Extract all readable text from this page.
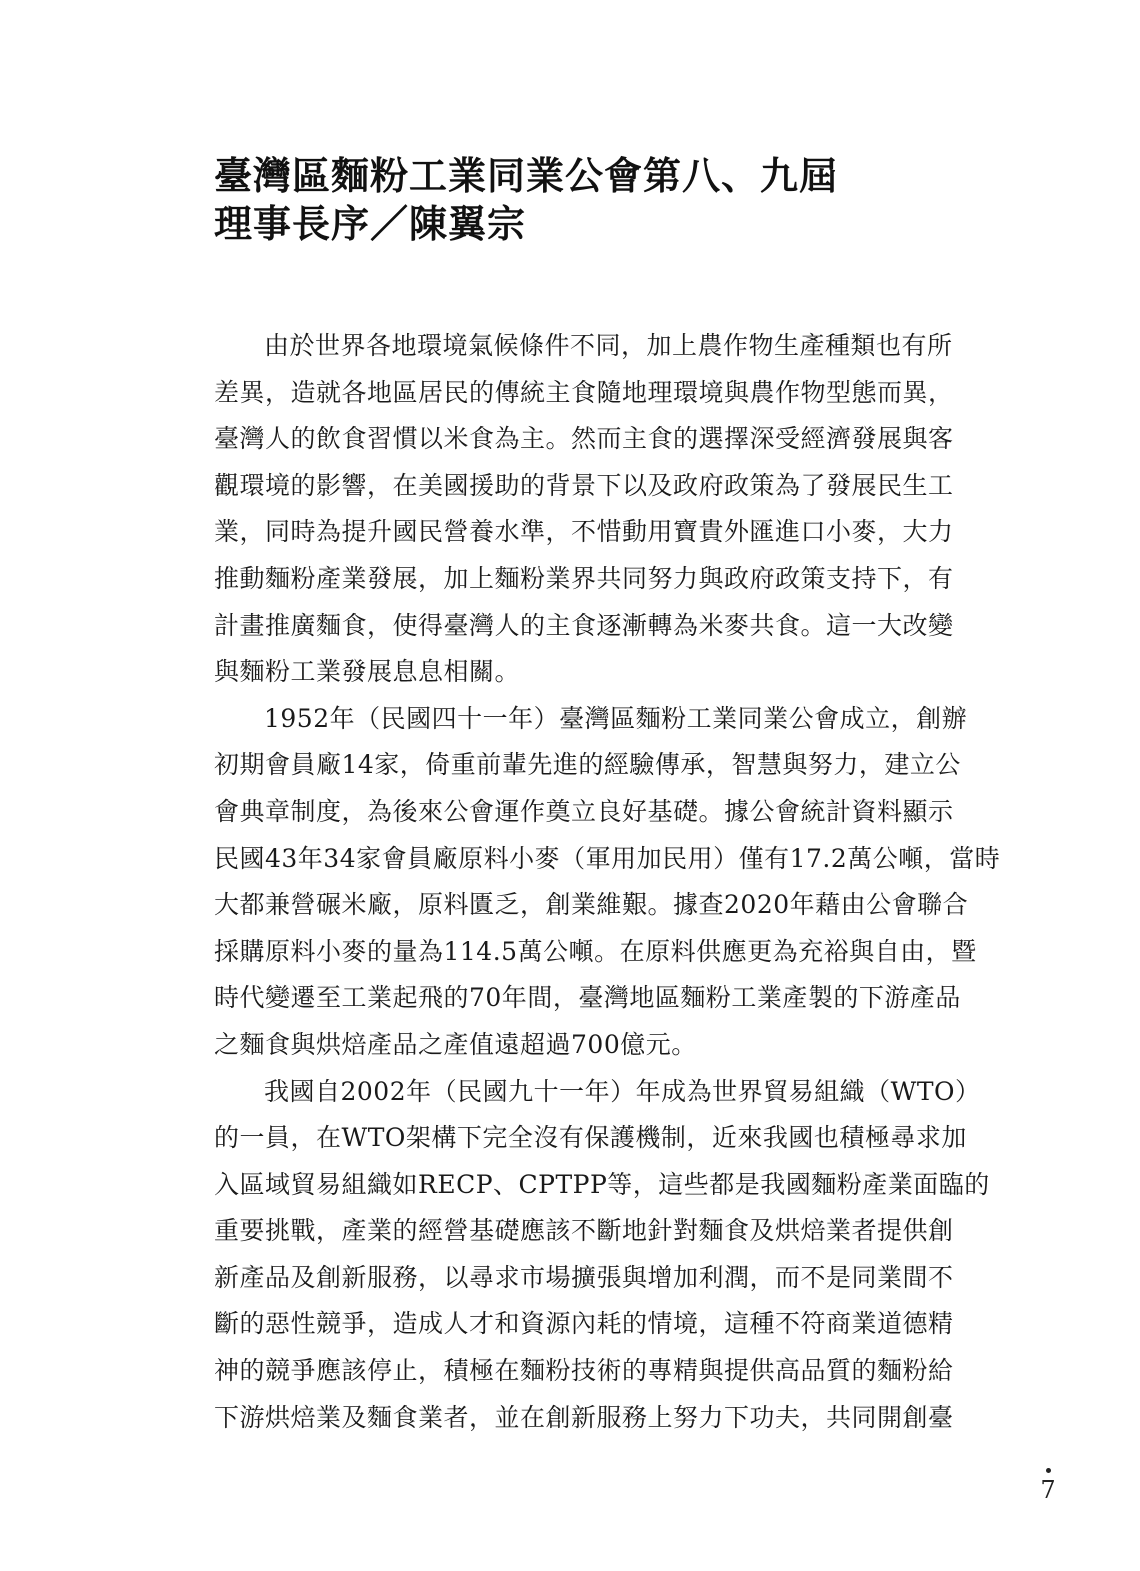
臺灣區麵粉工業同業公會第八、九屆
理事長序／陳翼宗
由於世界各地環境氣候條件不同，加上農作物生產種類也有所
差異，造就各地區居民的傳統主食隨地理環境與農作物型態而異，
臺灣人的飲食習慣以米食為主。然而主食的選擇深受經濟發展與客
觀環境的影響，在美國援助的背景下以及政府政策為了發展民生工
業，同時為提升國民營養水準，不惜動用寶貴外匯進口小麥，大力
推動麵粉產業發展，加上麵粉業界共同努力與政府政策支持下，有
計畫推廣麵食，使得臺灣人的主食逐漸轉為米麥共食。這一大改變
與麵粉工業發展息息相關。
1952年（民國四十一年）臺灣區麵粉工業同業公會成立，創辦
初期會員廠14家，倚重前輩先進的經驗傳承，智慧與努力，建立公
會典章制度，為後來公會運作奠立良好基礎。據公會統計資料顯示
民國43年34家會員廠原料小麥（軍用加民用）僅有17.2萬公噸，當時
大都兼營碾米廠，原料匱乏，創業維艱。據查2020年藉由公會聯合
採購原料小麥的量為114.5萬公噸。在原料供應更為充裕與自由，暨
時代變遷至工業起飛的70年間，臺灣地區麵粉工業產製的下游產品
之麵食與烘焙產品之產值遠超過700億元。
我國自2002年（民國九十一年）年成為世界貿易組織（WTO）
的一員，在WTO架構下完全沒有保護機制，近來我國也積極尋求加
入區域貿易組織如RECP、CPTPP等，這些都是我國麵粉產業面臨的
重要挑戰，產業的經營基礎應該不斷地針對麵食及烘焙業者提供創
新產品及創新服務，以尋求市場擴張與增加利潤，而不是同業間不
斷的惡性競爭，造成人才和資源內耗的情境，這種不符商業道德精
神的競爭應該停止，積極在麵粉技術的專精與提供高品質的麵粉給
下游烘焙業及麵食業者，並在創新服務上努力下功夫，共同開創臺
7
